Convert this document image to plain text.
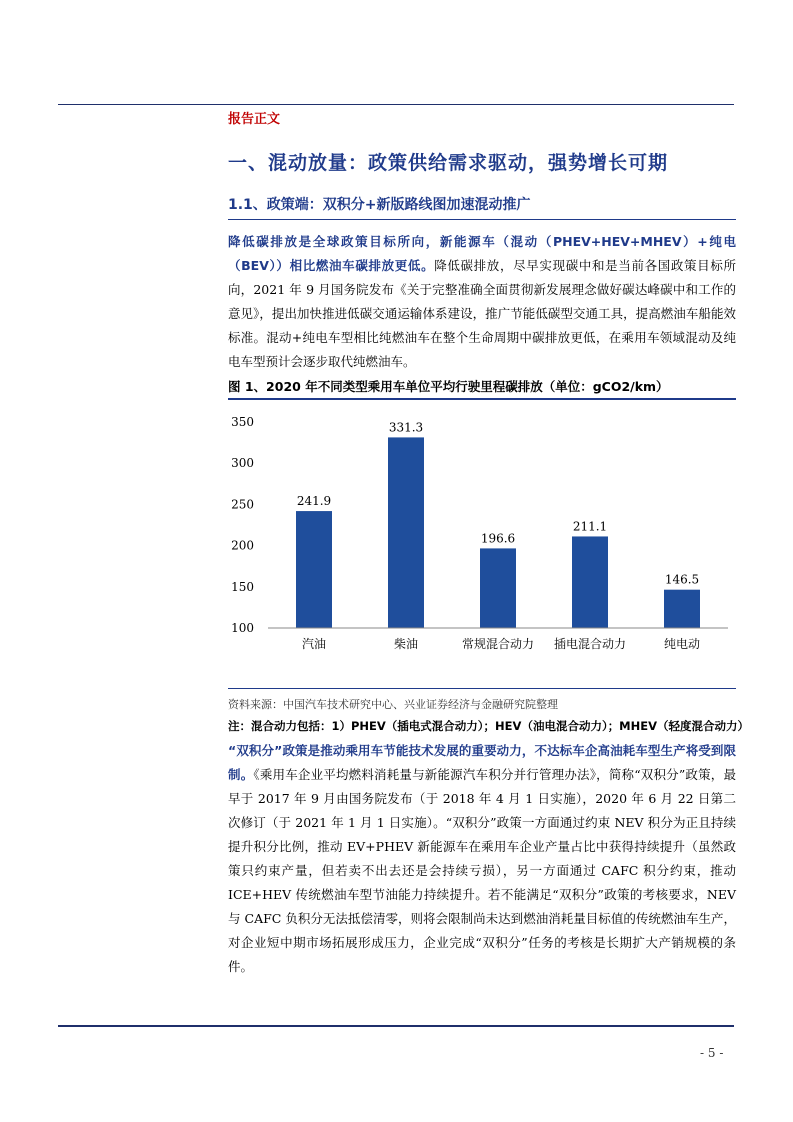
报告正文
一、混动放量：政策供给需求驱动，强势增长可期
1.1、政策端：双积分+新版路线图加速混动推广

降低碳排放是全球政策目标所向，新能源车（混动（PHEV+HEV+MHEV）+纯电（BEV））相比燃油车碳排放更低。降低碳排放，尽早实现碳中和是当前各国政策目标所向，2021 年 9 月国务院发布《关于完整准确全面贯彻新发展理念做好碳达峰碳中和工作的意见》，提出加快推进低碳交通运输体系建设，推广节能低碳型交通工具，提高燃油车船能效标准。混动+纯电车型相比纯燃油车在整个生命周期中碳排放更低，在乘用车领域混动及纯电车型预计会逐步取代纯燃油车。

图 1、2020 年不同类型乘用车单位平均行驶里程碳排放（单位：gCO2/km）
350
300
250
200
150
100
241.9
331.3
196.6
211.1
146.5
汽油	柴油	常规混合动力 插电混合动力	纯电动
资料来源：中国汽车技术研究中心、兴业证券经济与金融研究院整理
注：混合动力包括：1）PHEV（插电式混合动力）；HEV（油电混合动力）；MHEV（轻度混合动力）

“双积分”政策是推动乘用车节能技术发展的重要动力，不达标车企高油耗车型生产将受到限制。《乘用车企业平均燃料消耗量与新能源汽车积分并行管理办法》，简称“双积分”政策，最早于 2017 年 9 月由国务院发布（于 2018 年 4 月 1 日实施），2020 年 6 月 22 日第二次修订（于 2021 年 1 月 1 日实施）。“双积分”政策一方面通过约束 NEV 积分为正且持续提升积分比例，推动 EV+PHEV 新能源车在乘用车企业产量占比中获得持续提升（虽然政策只约束产量，但若卖不出去还是会持续亏损），另一方面通过 CAFC 积分约束，推动 ICE+HEV 传统燃油车型节油能力持续提升。若不能满足“双积分”政策的考核要求，NEV 与 CAFC 负积分无法抵偿清零，则将会限制尚未达到燃油消耗量目标值的传统燃油车生产，对企业短中期市场拓展形成压力，企业完成“双积分”任务的考核是长期扩大产销规模的条件。

- 5 -
